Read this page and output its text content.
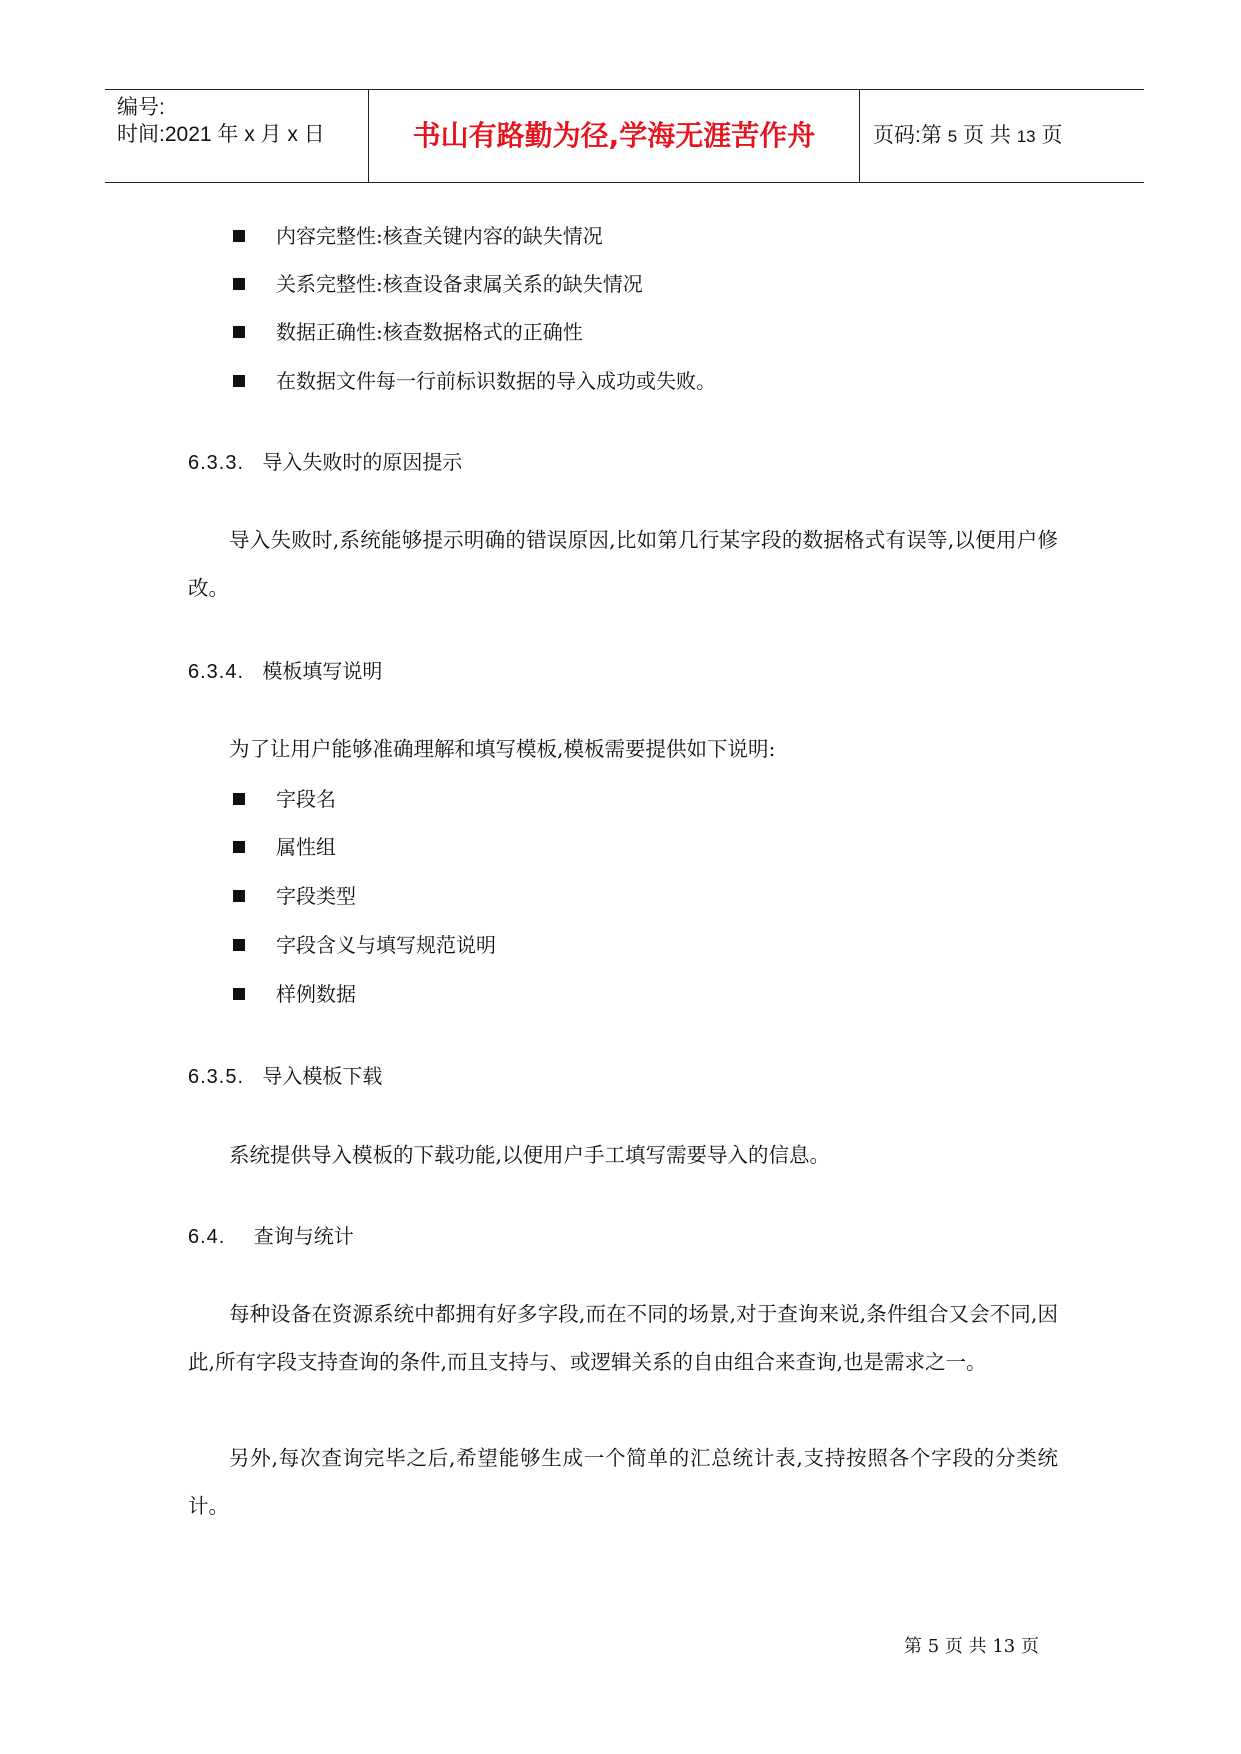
编号:
时间:2021 年 x 月 x 日	书山有路勤为径,学海无涯苦作舟	页码:第 5 页 共 13 页
内容完整性:核查关键内容的缺失情况
关系完整性:核查设备隶属关系的缺失情况
数据正确性:核查数据格式的正确性
在数据文件每一行前标识数据的导入成功或失败。
6.3.3. 导入失败时的原因提示
导入失败时,系统能够提示明确的错误原因,比如第几行某字段的数据格式有误等,以便用户修改。
6.3.4. 模板填写说明
为了让用户能够准确理解和填写模板,模板需要提供如下说明:
字段名
属性组
字段类型
字段含义与填写规范说明
样例数据
6.3.5. 导入模板下载
系统提供导入模板的下载功能,以便用户手工填写需要导入的信息。
6.4. 查询与统计
每种设备在资源系统中都拥有好多字段,而在不同的场景,对于查询来说,条件组合又会不同,因此,所有字段支持查询的条件,而且支持与、或逻辑关系的自由组合来查询,也是需求之一。
另外,每次查询完毕之后,希望能够生成一个简单的汇总统计表,支持按照各个字段的分类统计。
第 5 页 共 13 页
